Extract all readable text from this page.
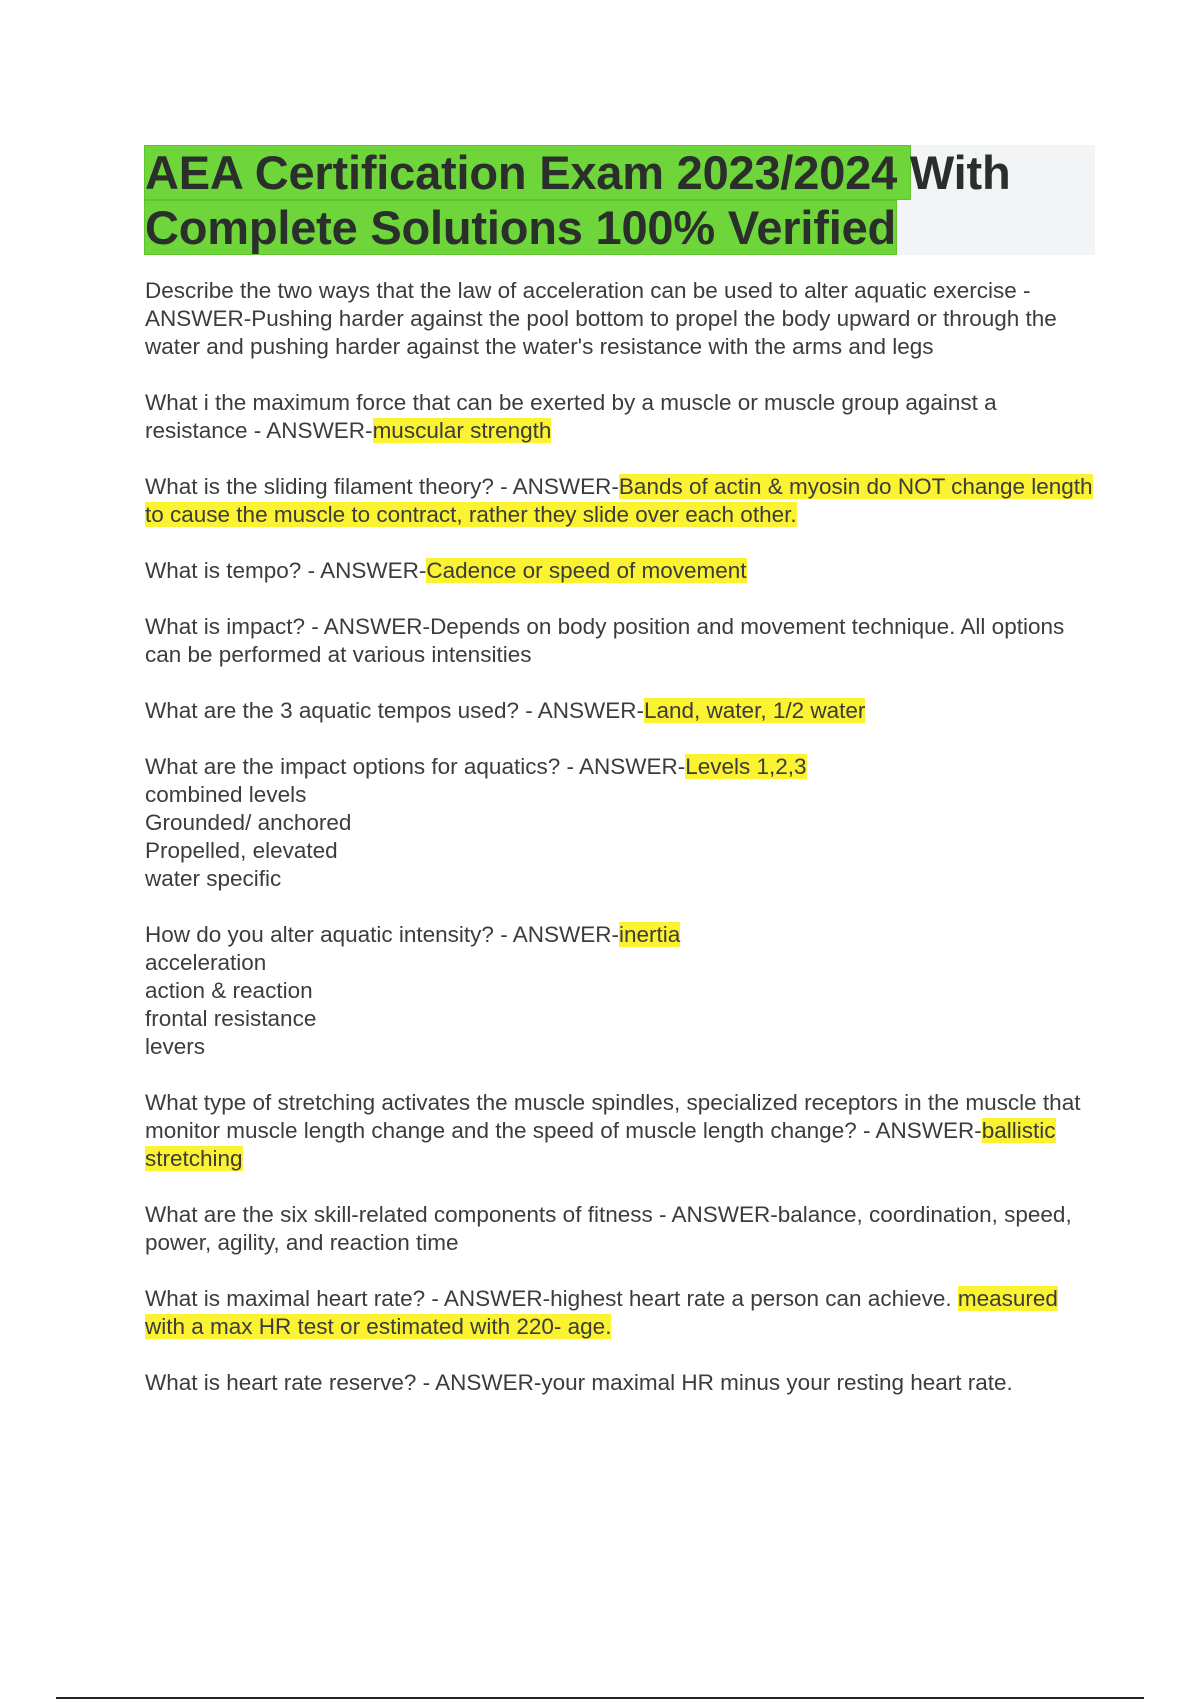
AEA Certification Exam 2023/2024 With
Complete Solutions 100% Verified

Describe the two ways that the law of acceleration can be used to alter aquatic exercise - ANSWER-Pushing harder against the pool bottom to propel the body upward or through the water and pushing harder against the water's resistance with the arms and legs

What i the maximum force that can be exerted by a muscle or muscle group against a resistance - ANSWER-muscular strength

What is the sliding filament theory? - ANSWER-Bands of actin & myosin do NOT change length to cause the muscle to contract, rather they slide over each other.

What is tempo? - ANSWER-Cadence or speed of movement

What is impact? - ANSWER-Depends on body position and movement technique. All options can be performed at various intensities

What are the 3 aquatic tempos used? - ANSWER-Land, water, 1/2 water

What are the impact options for aquatics? - ANSWER-Levels 1,2,3
combined levels
Grounded/ anchored
Propelled, elevated
water specific

How do you alter aquatic intensity? - ANSWER-inertia
acceleration
action & reaction
frontal resistance
levers

What type of stretching activates the muscle spindles, specialized receptors in the muscle that monitor muscle length change and the speed of muscle length change? - ANSWER-ballistic stretching

What are the six skill-related components of fitness - ANSWER-balance, coordination, speed, power, agility, and reaction time

What is maximal heart rate? - ANSWER-highest heart rate a person can achieve. measured with a max HR test or estimated with 220- age.

What is heart rate reserve? - ANSWER-your maximal HR minus your resting heart rate.
